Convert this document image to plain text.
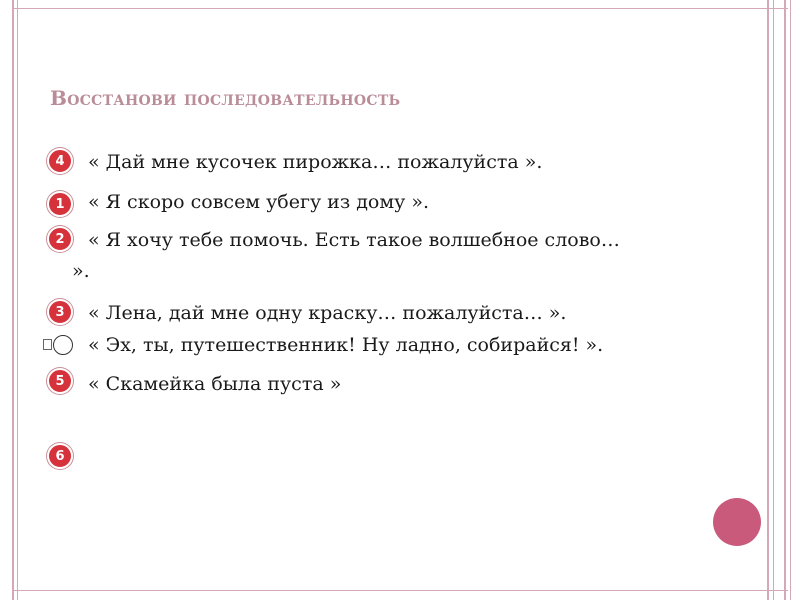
Восстанови последовательность
4	« Дай мне кусочек пирожка… пожалуйста ».
1	« Я скоро совсем убегу из дому ».
2	« Я хочу тебе помочь. Есть такое волшебное слово… ».
3	« Лена, дай мне одну краску… пожалуйста… ».
« Эх, ты, путешественник! Ну ладно, собирайся! ».
5	« Скамейка была пуста »
6
